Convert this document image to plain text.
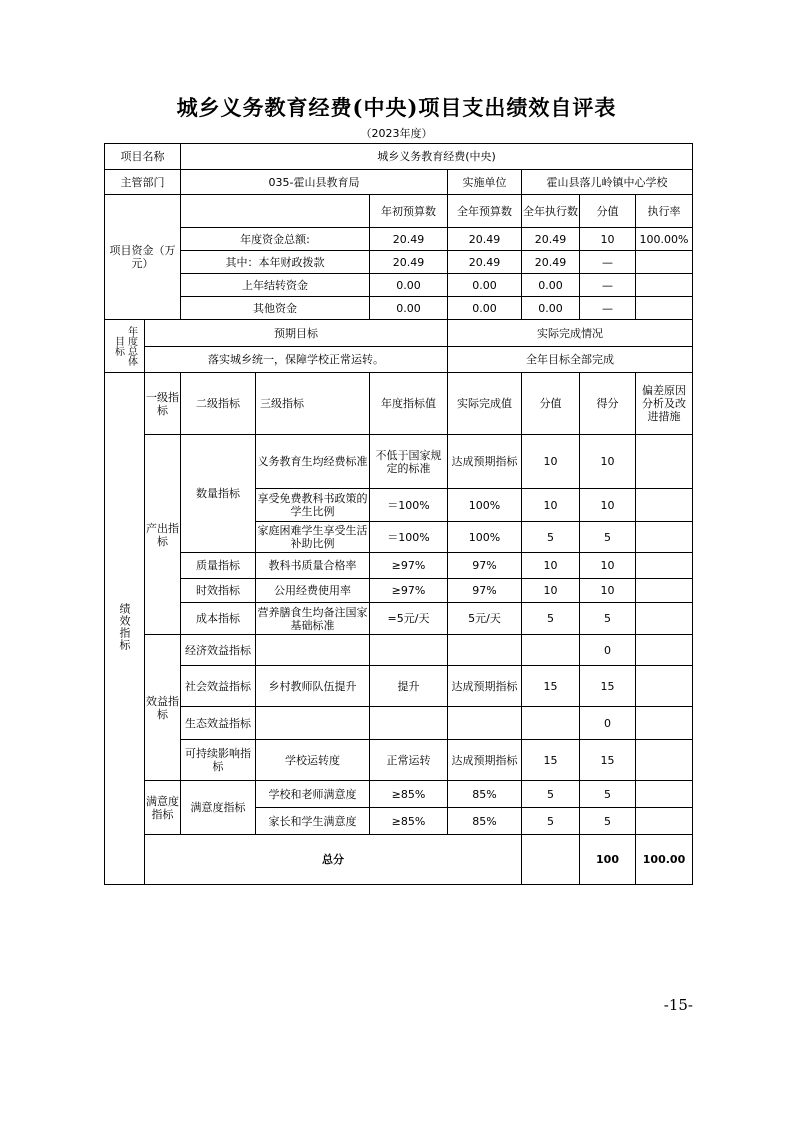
城乡义务教育经费(中央)项目支出绩效自评表
（2023年度）
项目名称		城乡义务教育经费(中央)							
主管部门		035-霍山县教育局			实施单位	霍山县落儿岭镇中心学校			
项目资金（万元）				年初预算数	全年预算数	全年执行数	分值	执行率	
		年度资金总额:		20.49	20.49	20.49	10	100.00%	
		其中：本年财政拨款		20.49	20.49	20.49	—		
		上年结转资金		0.00	0.00	0.00	—		
		其他资金		0.00	0.00	0.00	—		

目标 年度总体	预期目标				实际完成情况				
	落实城乡统一，保障学校正常运转。				全年目标全部完成				
绩效指标	一级指标	二级指标	三级指标	年度指标值	实际完成值	分值	得分	偏差原因分析及改进措施	
	产出指标	数量指标	义务教育生均经费标准	不低于国家规定的标准	达成预期指标	10	10		
			享受免费教科书政策的学生比例	＝100%	100%	10	10		
			家庭困难学生享受生活补助比例	＝100%	100%	5	5		
		质量指标	教科书质量合格率	≥97%	97%	10	10		
		时效指标	公用经费使用率	≥97%	97%	10	10		
		成本指标	营养膳食生均备注国家基础标准	=5元/天	5元/天	5	5		
	效益指标	经济效益指标					0		
		社会效益指标	乡村教师队伍提升	提升	达成预期指标	15	15		
		生态效益指标					0		
		可持续影响指标	学校运转度	正常运转	达成预期指标	15	15		
	满意度指标	满意度指标	学校和老师满意度	≥85%	85%	5	5		
			家长和学生满意度	≥85%	85%	5	5		
	总分						100	100.00	
-15-
